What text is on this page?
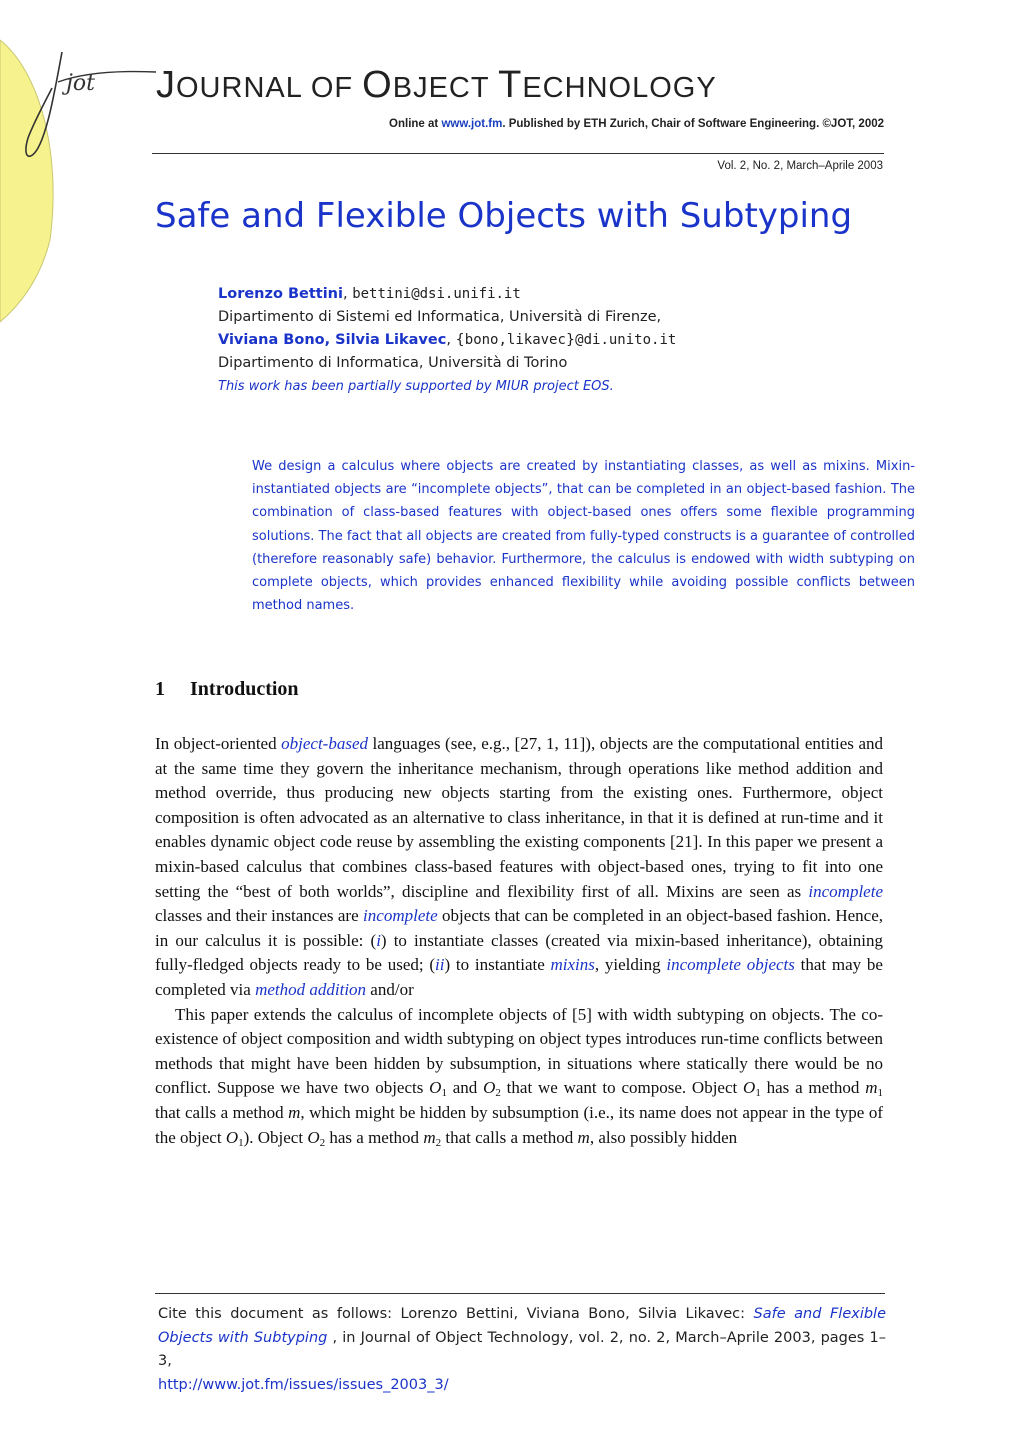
jot JOURNAL OF OBJECT TECHNOLOGY
Online at www.jot.fm. Published by ETH Zurich, Chair of Software Engineering. ©JOT, 2002
Vol. 2, No. 2, March–Aprile 2003
Safe and Flexible Objects with Subtyping
Lorenzo Bettini, bettini@dsi.unifi.it
Dipartimento di Sistemi ed Informatica, Università di Firenze,
Viviana Bono, Silvia Likavec, {bono,likavec}@di.unito.it
Dipartimento di Informatica, Università di Torino
This work has been partially supported by MIUR project EOS.
We design a calculus where objects are created by instantiating classes, as well as mixins. Mixin-instantiated objects are “incomplete objects”, that can be completed in an object-based fashion. The combination of class-based features with object-based ones offers some flexible programming solutions. The fact that all objects are created from fully-typed constructs is a guarantee of controlled (therefore reasonably safe) behavior. Furthermore, the calculus is endowed with width subtyping on complete objects, which provides enhanced flexibility while avoiding possible conflicts between method names.
1 Introduction

In object-oriented object-based languages (see, e.g., [27, 1, 11]), objects are the computational entities and at the same time they govern the inheritance mechanism, through operations like method addition and method override, thus producing new objects starting from the existing ones. Furthermore, object composition is often advocated as an alternative to class inheritance, in that it is defined at run-time and it enables dynamic object code reuse by assembling the existing components [21]. In this paper we present a mixin-based calculus that combines class-based features with object-based ones, trying to fit into one setting the “best of both worlds”, discipline and flexibility first of all. Mixins are seen as incomplete classes and their instances are incomplete objects that can be completed in an object-based fashion. Hence, in our calculus it is possible: (i) to instantiate classes (created via mixin-based inheritance), obtaining fully-fledged objects ready to be used; (ii) to instantiate mixins, yielding incomplete objects that may be completed via method addition and/or

This paper extends the calculus of incomplete objects of [5] with width subtyping on objects. The co-existence of object composition and width subtyping on object types introduces run-time conflicts between methods that might have been hidden by subsumption, in situations where statically there would be no conflict. Suppose we have two objects $O_1$ and $O_2$ that we want to compose. Object $O_1$ has a method $m_1$ that calls a method m, which might be hidden by subsumption (i.e., its name does not appear in the type of the object $O_1$). Object $O_2$ has a method $m_2$ that calls a method m, also possibly hidden

Cite this document as follows: Lorenzo Bettini, Viviana Bono, Silvia Likavec: Safe and Flexible Objects with Subtyping , in Journal of Object Technology, vol. 2, no. 2, March–Aprile 2003, pages 1–3,
http://www.jot.fm/issues/issues_2003_3/
